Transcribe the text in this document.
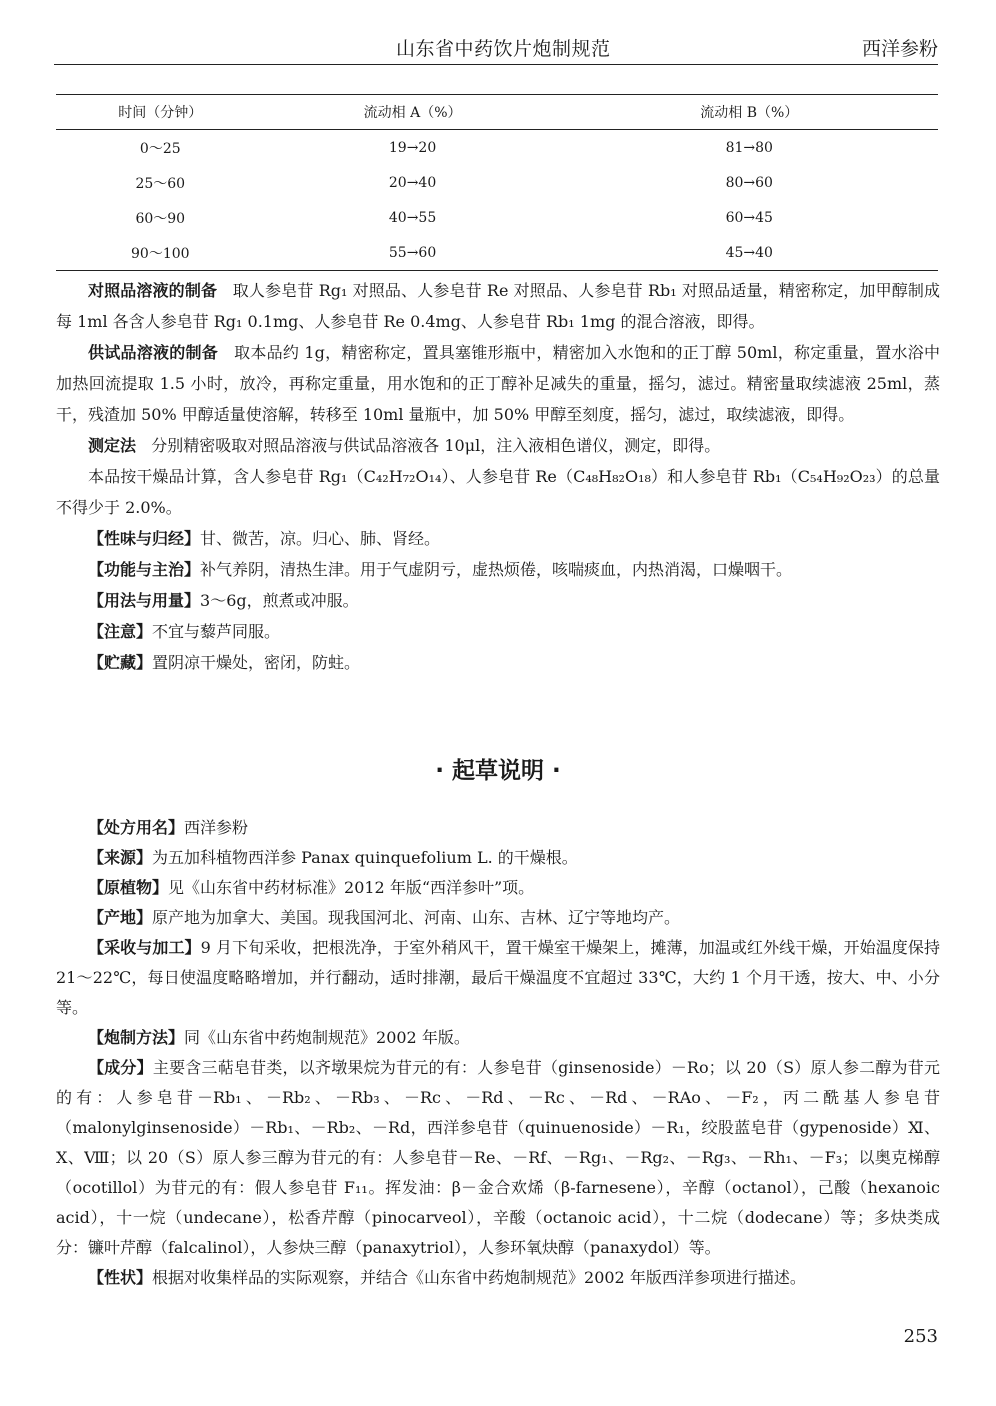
山东省中药饮片炮制规范	西洋参粉
时间（分钟）	流动相 A（%）	流动相 B（%）
0～25	19→20	81→80
25～60	20→40	80→60
60～90	40→55	60→45
90～100	55→60	45→40

对照品溶液的制备 取人参皂苷 Rg₁ 对照品、人参皂苷 Re 对照品、人参皂苷 Rb₁ 对照品适量，精密称定，加甲醇制成每 1ml 各含人参皂苷 Rg₁ 0.1mg、人参皂苷 Re 0.4mg、人参皂苷 Rb₁ 1mg 的混合溶液，即得。

供试品溶液的制备 取本品约 1g，精密称定，置具塞锥形瓶中，精密加入水饱和的正丁醇 50ml，称定重量，置水浴中加热回流提取 1.5 小时，放冷，再称定重量，用水饱和的正丁醇补足减失的重量，摇匀，滤过。精密量取续滤液 25ml，蒸干，残渣加 50% 甲醇适量使溶解，转移至 10ml 量瓶中，加 50% 甲醇至刻度，摇匀，滤过，取续滤液，即得。

测定法 分别精密吸取对照品溶液与供试品溶液各 10μl，注入液相色谱仪，测定，即得。

本品按干燥品计算，含人参皂苷 Rg₁（C₄₂H₇₂O₁₄）、人参皂苷 Re（C₄₈H₈₂O₁₈）和人参皂苷 Rb₁（C₅₄H₉₂O₂₃）的总量不得少于 2.0%。

【性味与归经】甘、微苦，凉。归心、肺、肾经。

【功能与主治】补气养阴，清热生津。用于气虚阴亏，虚热烦倦，咳喘痰血，内热消渴，口燥咽干。

【用法与用量】3～6g，煎煮或冲服。

【注意】不宜与藜芦同服。

【贮藏】置阴凉干燥处，密闭，防蛀。

· 起草说明 ·

【处方用名】西洋参粉

【来源】为五加科植物西洋参 Panax quinquefolium L. 的干燥根。

【原植物】见《山东省中药材标准》2012 年版“西洋参叶”项。

【产地】原产地为加拿大、美国。现我国河北、河南、山东、吉林、辽宁等地均产。

【采收与加工】9 月下旬采收，把根洗净，于室外稍风干，置干燥室干燥架上，摊薄，加温或红外线干燥，开始温度保持 21～22℃，每日使温度略略增加，并行翻动，适时排潮，最后干燥温度不宜超过 33℃，大约 1 个月干透，按大、中、小分等。

【炮制方法】同《山东省中药炮制规范》2002 年版。

【成分】主要含三萜皂苷类，以齐墩果烷为苷元的有：人参皂苷（ginsenoside）－Ro；以 20（S）原人参二醇为苷元的有：人参皂苷－Rb₁、－Rb₂、－Rb₃、－Rc、－Rd、－Rc、－Rd、－RAo、－F₂，丙二酰基人参皂苷（malonylginsenoside）－Rb₁、－Rb₂、－Rd，西洋参皂苷（quinuenoside）－R₁，绞股蓝皂苷（gypenoside）Ⅺ、Ⅹ、Ⅷ；以 20（S）原人参三醇为苷元的有：人参皂苷－Re、－Rf、－Rg₁、－Rg₂、－Rg₃、－Rh₁、－F₃；以奥克梯醇（ocotillol）为苷元的有：假人参皂苷 F₁₁。挥发油：β－金合欢烯（β-farnesene），辛醇（octanol），己酸（hexanoic acid），十一烷（undecane），松香芹醇（pinocarveol），辛酸（octanoic acid），十二烷（dodecane）等；多炔类成分：镰叶芹醇（falcalinol），人参炔三醇（panaxytriol），人参环氧炔醇（panaxydol）等。

【性状】根据对收集样品的实际观察，并结合《山东省中药炮制规范》2002 年版西洋参项进行描述。

253
